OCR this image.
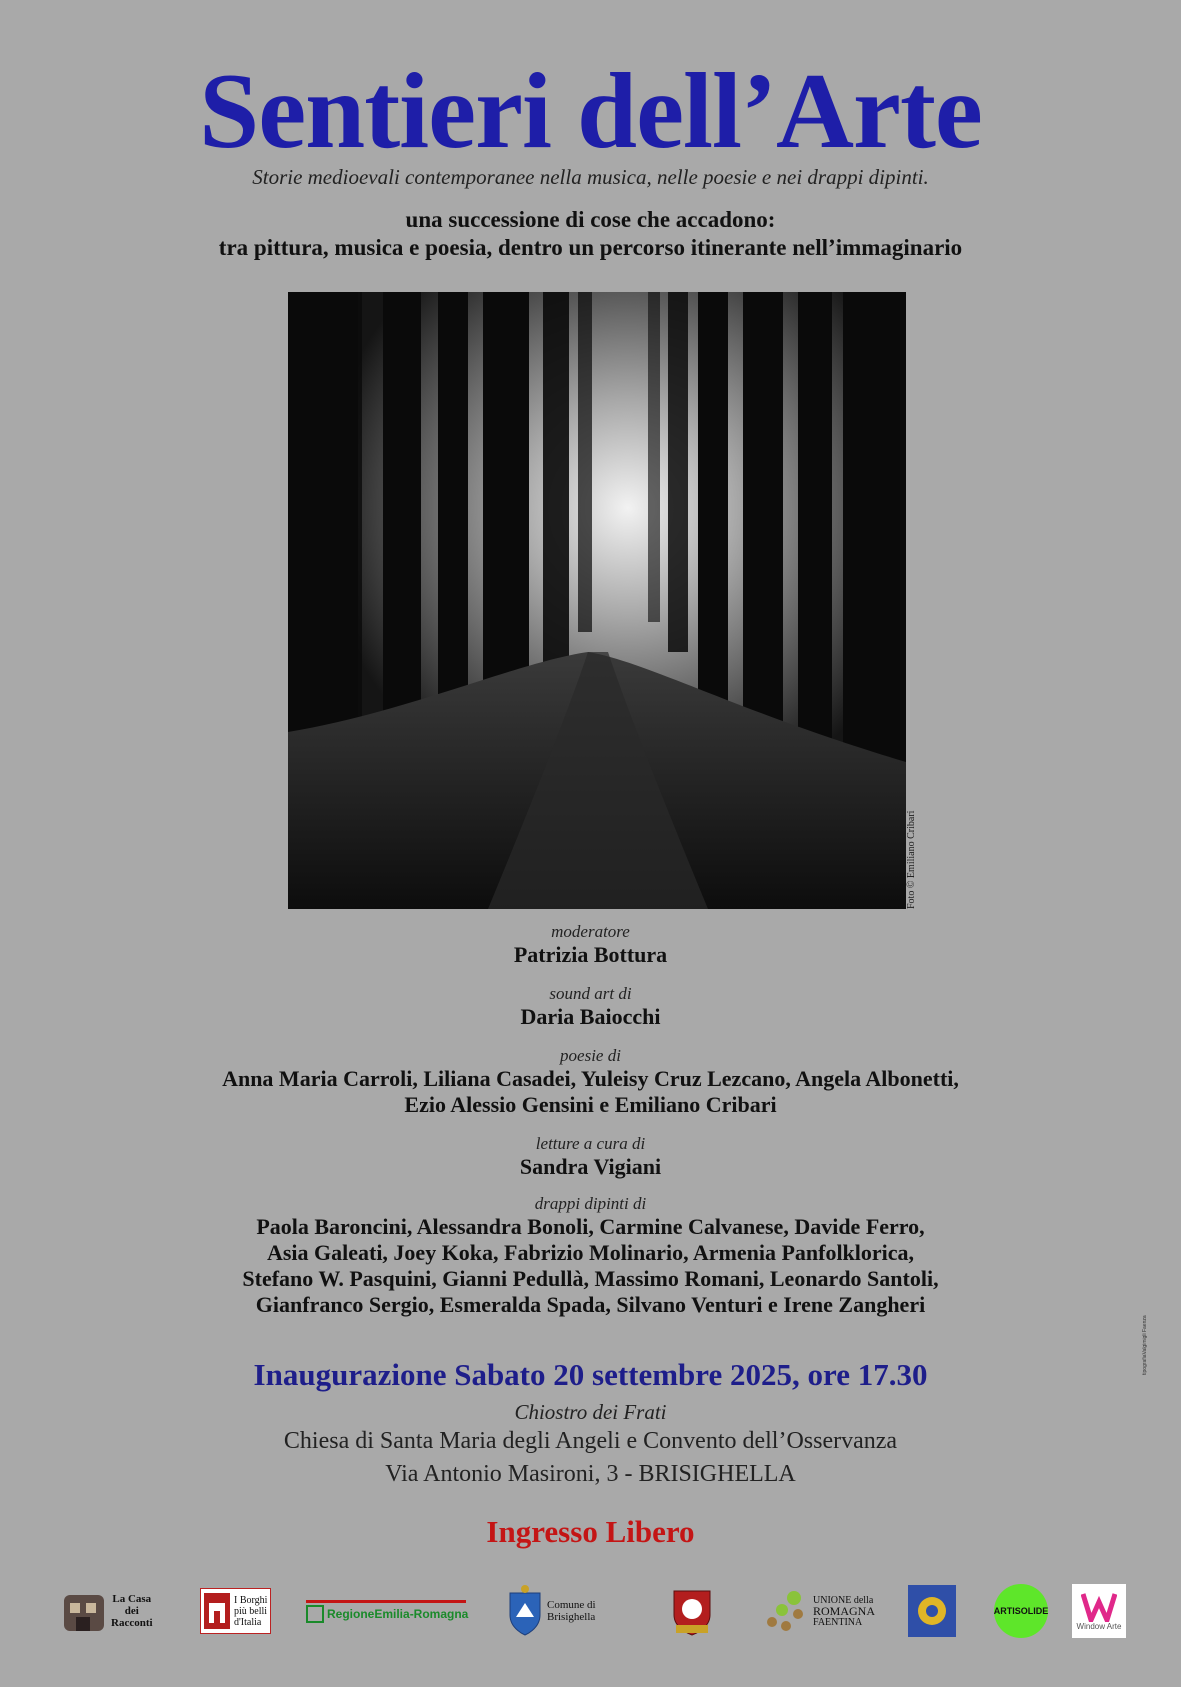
Sentieri dell’Arte
Storie medioevali contemporanee nella musica, nelle poesie e nei drappi dipinti.
una successione di cose che accadono:
tra pittura, musica e poesia, dentro un percorso itinerante nell’immaginario
Foto © Emiliano Cribari
moderatore
Patrizia Bottura
sound art di
Daria Baiocchi
poesie di
Anna Maria Carroli, Liliana Casadei, Yuleisy Cruz Lezcano, Angela Albonetti,
Ezio Alessio Gensini e Emiliano Cribari
letture a cura di
Sandra Vigiani
drappi dipinti di
Paola Baroncini, Alessandra Bonoli, Carmine Calvanese, Davide Ferro,
Asia Galeati, Joey Koka, Fabrizio Molinario, Armenia Panfolklorica,
Stefano W. Pasquini, Gianni Pedullà, Massimo Romani, Leonardo Santoli,
Gianfranco Sergio, Esmeralda Spada, Silvano Venturi e Irene Zangheri
Inaugurazione Sabato 20 settembre 2025, ore 17.30
Chiostro dei Frati
Chiesa di Santa Maria degli Angeli e Convento dell’Osservanza
Via Antonio Masironi, 3 - BRISIGHELLA
Ingresso Libero
tipografiaValgimigli Faenza
La Casa
dei
Racconti
I Borghi
più belli
d'Italia
RegioneEmilia-Romagna
Comune di
Brisighella
UNIONE della
ROMAGNA
FAENTINA
ARTISOLIDE
Window Arte
